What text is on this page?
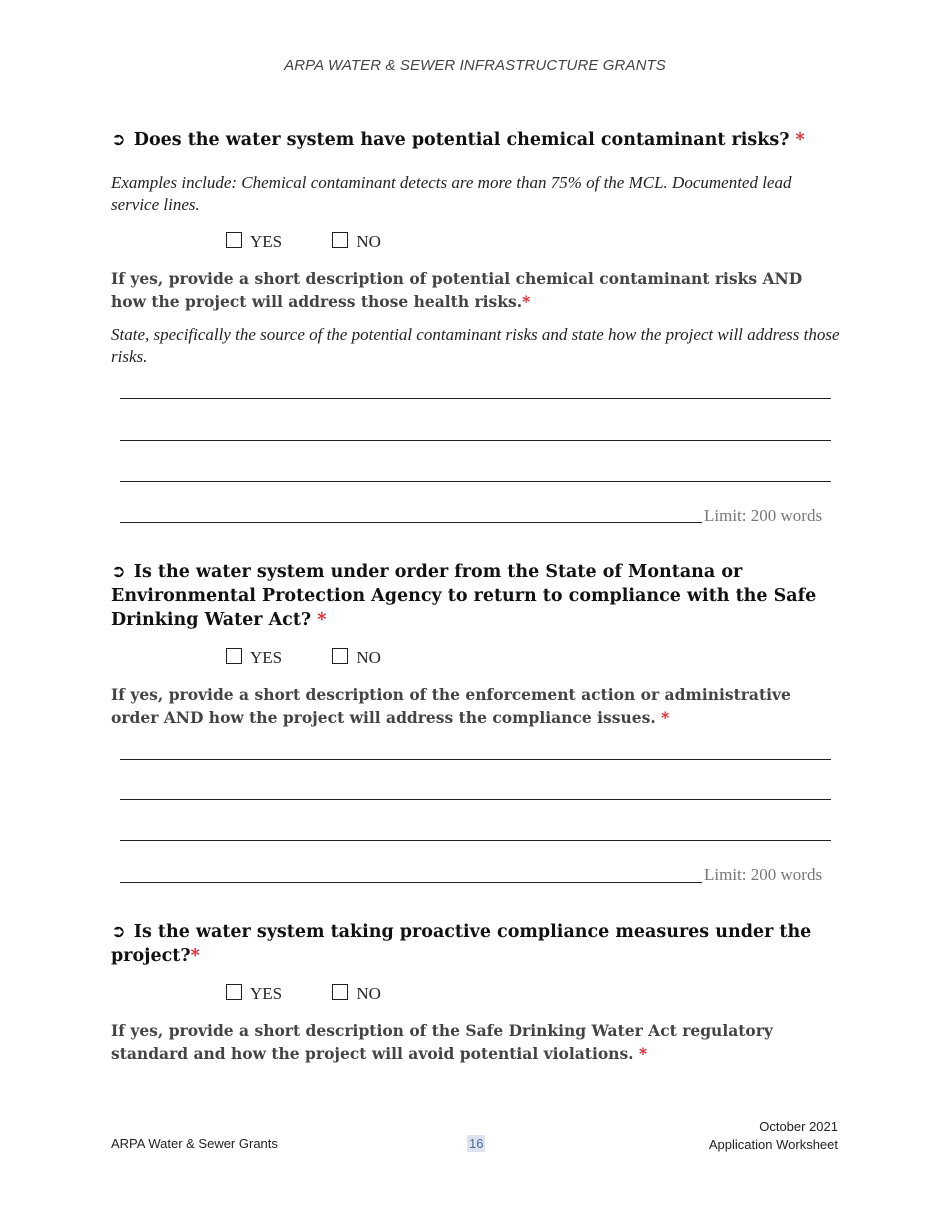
ARPA WATER & SEWER INFRASTRUCTURE GRANTS
➲ Does the water system have potential chemical contaminant risks? *
Examples include: Chemical contaminant detects are more than 75% of the MCL. Documented lead service lines.
YES
	NO
If yes, provide a short description of potential chemical contaminant risks AND how the project will address those health risks.*
State, specifically the source of the potential contaminant risks and state how the project will address those risks.
Limit: 200 words
➲ Is the water system under order from the State of Montana or Environmental Protection Agency to return to compliance with the Safe Drinking Water Act? *
YES
	NO
If yes, provide a short description of the enforcement action or administrative order AND how the project will address the compliance issues. *
Limit: 200 words
➲ Is the water system taking proactive compliance measures under the project?*
YES
	NO
If yes, provide a short description of the Safe Drinking Water Act regulatory standard and how the project will avoid potential violations. *
ARPA Water & Sewer Grants	16
October 2021
Application Worksheet
